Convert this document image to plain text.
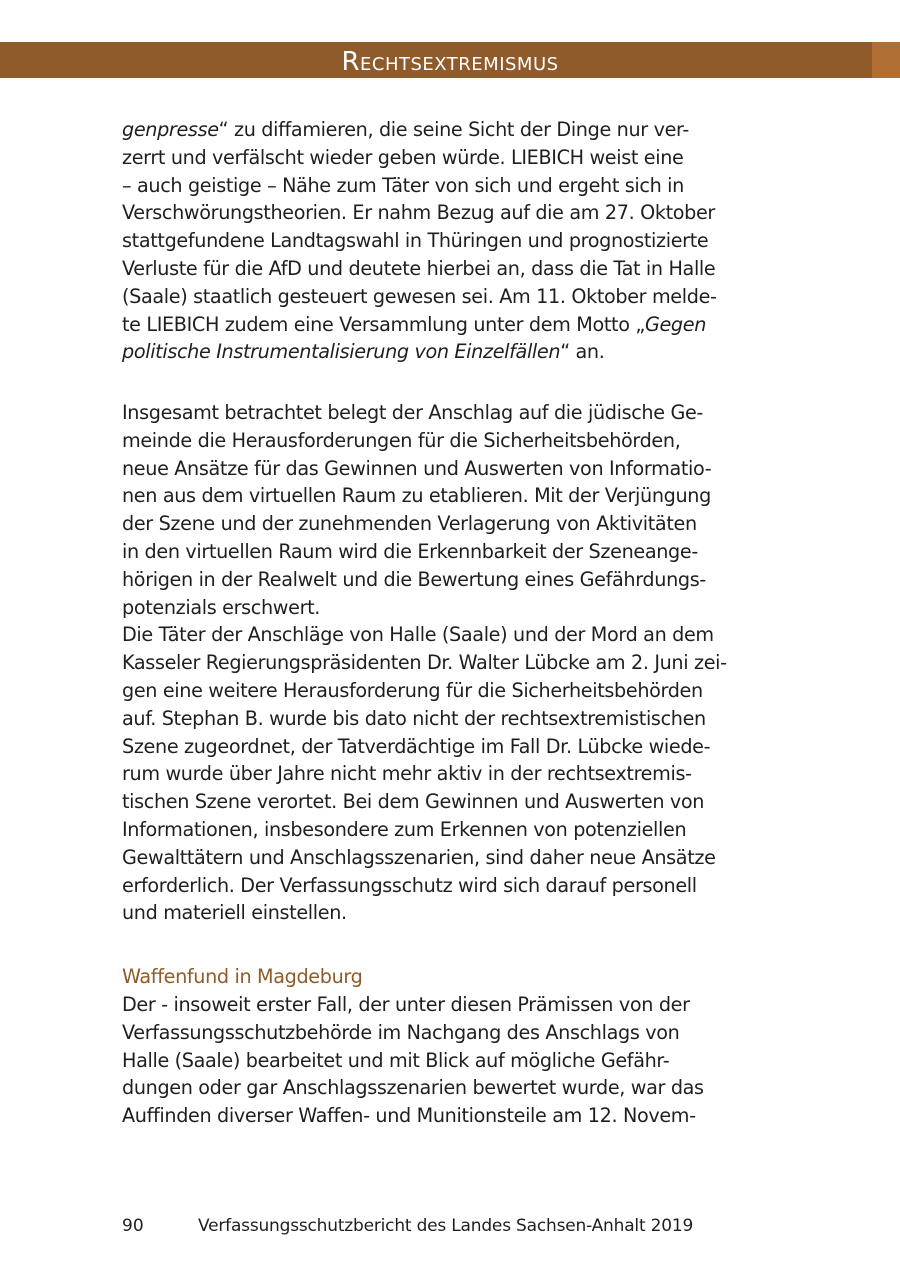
Rechtsextremismus

genpresse“ zu diffamieren, die seine Sicht der Dinge nur ver-
zerrt und verfälscht wieder geben würde. LIEBICH weist eine
– auch geistige – Nähe zum Täter von sich und ergeht sich in
Verschwörungstheorien. Er nahm Bezug auf die am 27. Oktober
stattgefundene Landtagswahl in Thüringen und prognostizierte
Verluste für die AfD und deutete hierbei an, dass die Tat in Halle
(Saale) staatlich gesteuert gewesen sei. Am 11. Oktober melde-
te LIEBICH zudem eine Versammlung unter dem Motto „Gegen
politische Instrumentalisierung von Einzelfällen“ an.

Insgesamt betrachtet belegt der Anschlag auf die jüdische Ge-
meinde die Herausforderungen für die Sicherheitsbehörden,
neue Ansätze für das Gewinnen und Auswerten von Informatio-
nen aus dem virtuellen Raum zu etablieren. Mit der Verjüngung
der Szene und der zunehmenden Verlagerung von Aktivitäten
in den virtuellen Raum wird die Erkennbarkeit der Szeneange-
hörigen in der Realwelt und die Bewertung eines Gefährdungs-
potenzials erschwert.
Die Täter der Anschläge von Halle (Saale) und der Mord an dem
Kasseler Regierungspräsidenten Dr. Walter Lübcke am 2. Juni zei-
gen eine weitere Herausforderung für die Sicherheitsbehörden
auf. Stephan B. wurde bis dato nicht der rechtsextremistischen
Szene zugeordnet, der Tatverdächtige im Fall Dr. Lübcke wiede-
rum wurde über Jahre nicht mehr aktiv in der rechtsextremis-
tischen Szene verortet. Bei dem Gewinnen und Auswerten von
Informationen, insbesondere zum Erkennen von potenziellen
Gewalttätern und Anschlagsszenarien, sind daher neue Ansätze
erforderlich. Der Verfassungsschutz wird sich darauf personell
und materiell einstellen.

Waffenfund in Magdeburg

Der - insoweit erster Fall, der unter diesen Prämissen von der
Verfassungsschutzbehörde im Nachgang des Anschlags von
Halle (Saale) bearbeitet und mit Blick auf mögliche Gefähr-
dungen oder gar Anschlagsszenarien bewertet wurde, war das
Auffinden diverser Waffen- und Munitionsteile am 12. Novem-

90	Verfassungsschutzbericht des Landes Sachsen-Anhalt 2019
